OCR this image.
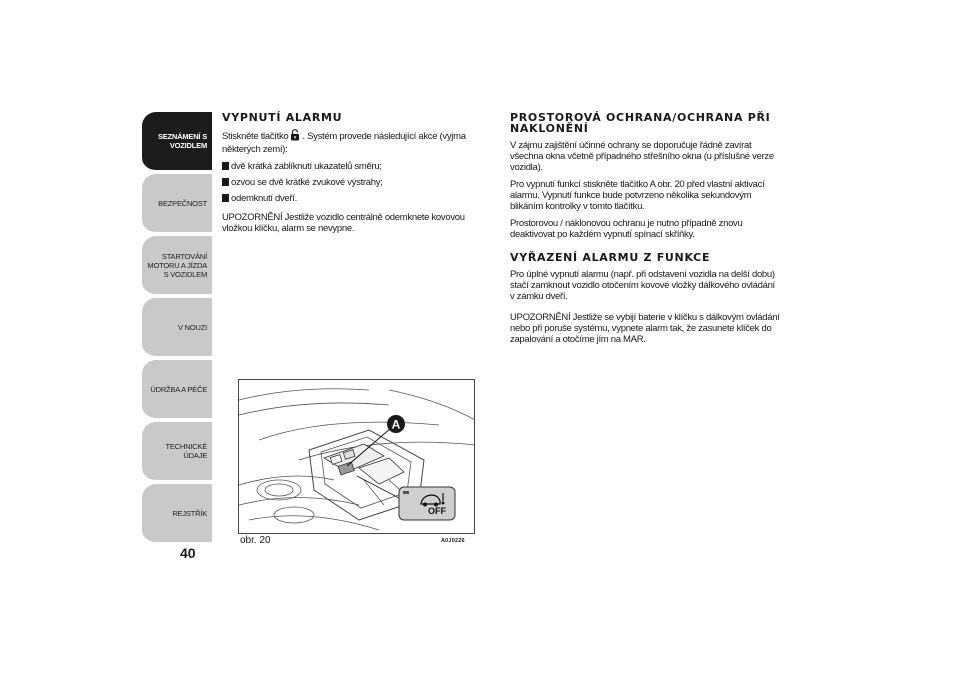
SEZNÁMENÍ S VOZIDLEM
BEZPEČNOST
STARTOVÁNÍ MOTORU A JÍZDA S VOZIDLEM
V NOUZI
ÚDRŽBA A PÉČE
TECHNICKÉ ÚDAJE
REJSTŘÍK
40
VYPNUTÍ ALARMU

Stiskněte tlačítko . Systém provede následující akce (vyjma některých zemí):

dvě krátká zablíknutí ukazatelů směru;
ozvou se dvě krátké zvukové výstrahy;
odemknutí dveří.

UPOZORNĚNÍ Jestliže vozidlo centrálně odemknete kovovou vložkou klíčku, alarm se nevypne.

A
OFF
obr. 20	A0J0226
PROSTOROVÁ OCHRANA/OCHRANA PŘI NAKLONĚNÍ

V zájmu zajištění účinné ochrany se doporučuje řádně zavírat všechna okna včetně případného střešního okna (u příslušné verze vozidla).

Pro vypnutí funkcí stiskněte tlačítko A obr. 20 před vlastní aktivací alarmu. Vypnutí funkce bude potvrzeno několika sekundovým blikáním kontrolky v tomto tlačítku.

Prostorovou / náklonovou ochranu je nutno případně znovu deaktivovat po každém vypnutí spínací skříňky.

VYŘAZENÍ ALARMU Z FUNKCE

Pro úplné vypnutí alarmu (např. při odstavení vozidla na delší dobu) stačí zamknout vozidlo otočením kovové vložky dálkového ovládání v zámku dveří.

UPOZORNĚNÍ Jestliže se vybijí baterie v klíčku s dálkovým ovládání nebo při poruše systému, vypnete alarm tak, že zasunete klíček do zapalování a otočíme jím na MAR.
